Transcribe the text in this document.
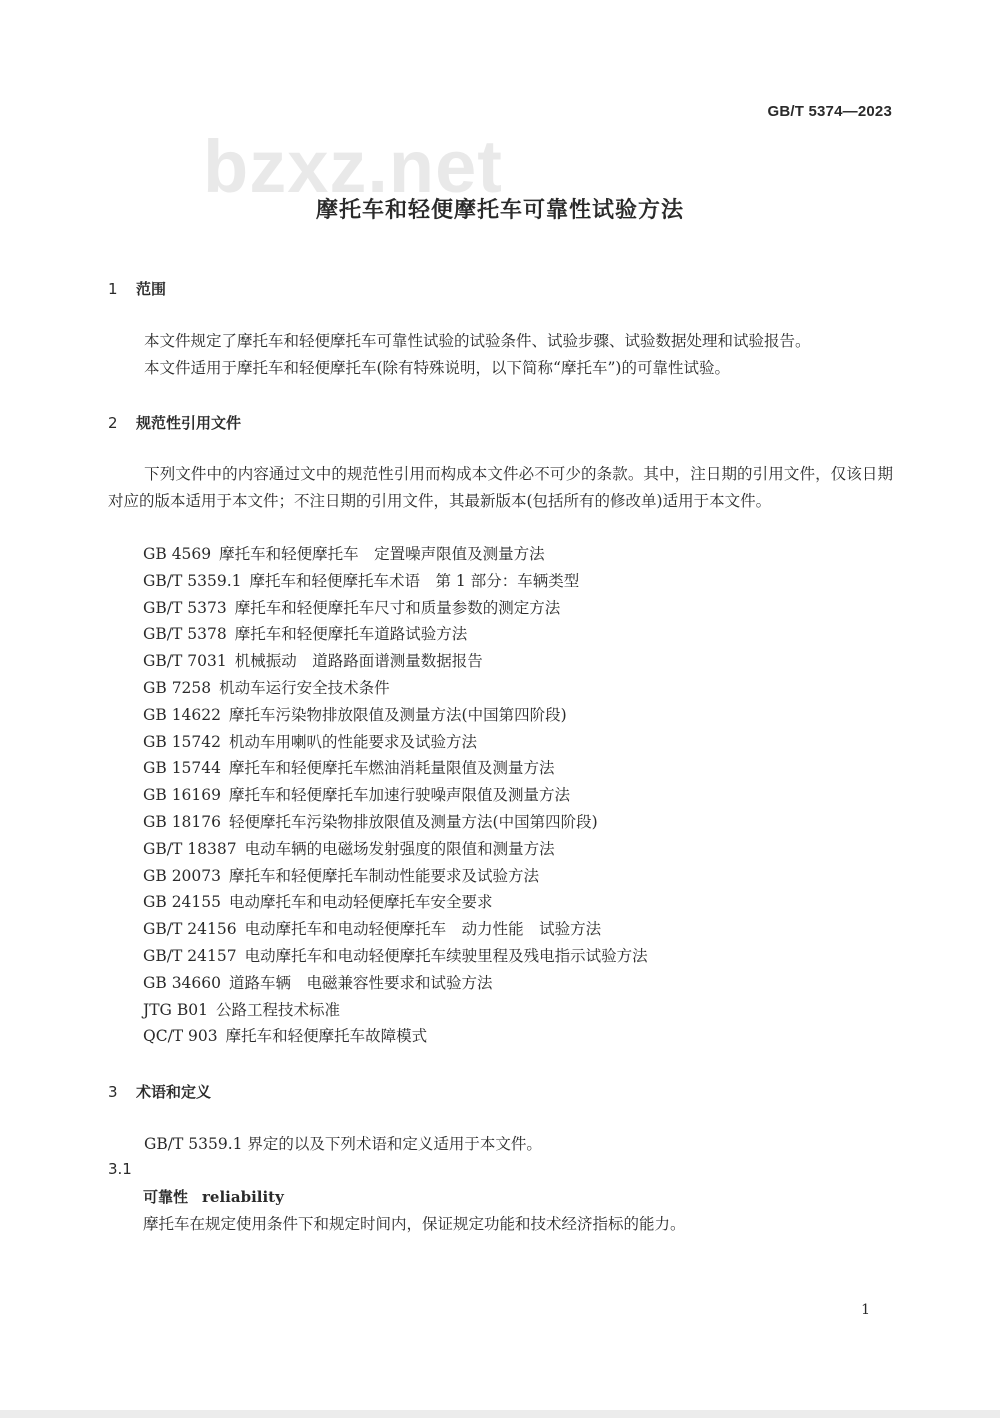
bzxz.net
GB/T 5374—2023
摩托车和轻便摩托车可靠性试验方法
1 范围
本文件规定了摩托车和轻便摩托车可靠性试验的试验条件、试验步骤、试验数据处理和试验报告。
本文件适用于摩托车和轻便摩托车(除有特殊说明，以下简称“摩托车”)的可靠性试验。
2 规范性引用文件
下列文件中的内容通过文中的规范性引用而构成本文件必不可少的条款。其中，注日期的引用文件，仅该日期对应的版本适用于本文件；不注日期的引用文件，其最新版本(包括所有的修改单)适用于本文件。
GB 4569 摩托车和轻便摩托车　定置噪声限值及测量方法
GB/T 5359.1 摩托车和轻便摩托车术语　第 1 部分：车辆类型
GB/T 5373 摩托车和轻便摩托车尺寸和质量参数的测定方法
GB/T 5378 摩托车和轻便摩托车道路试验方法
GB/T 7031 机械振动　道路路面谱测量数据报告
GB 7258 机动车运行安全技术条件
GB 14622 摩托车污染物排放限值及测量方法(中国第四阶段)
GB 15742 机动车用喇叭的性能要求及试验方法
GB 15744 摩托车和轻便摩托车燃油消耗量限值及测量方法
GB 16169 摩托车和轻便摩托车加速行驶噪声限值及测量方法
GB 18176 轻便摩托车污染物排放限值及测量方法(中国第四阶段)
GB/T 18387 电动车辆的电磁场发射强度的限值和测量方法
GB 20073 摩托车和轻便摩托车制动性能要求及试验方法
GB 24155 电动摩托车和电动轻便摩托车安全要求
GB/T 24156 电动摩托车和电动轻便摩托车　动力性能　试验方法
GB/T 24157 电动摩托车和电动轻便摩托车续驶里程及残电指示试验方法
GB 34660 道路车辆　电磁兼容性要求和试验方法
JTG B01 公路工程技术标准
QC/T 903 摩托车和轻便摩托车故障模式
3 术语和定义
GB/T 5359.1 界定的以及下列术语和定义适用于本文件。
3.1
可靠性 reliability
摩托车在规定使用条件下和规定时间内，保证规定功能和技术经济指标的能力。
1
